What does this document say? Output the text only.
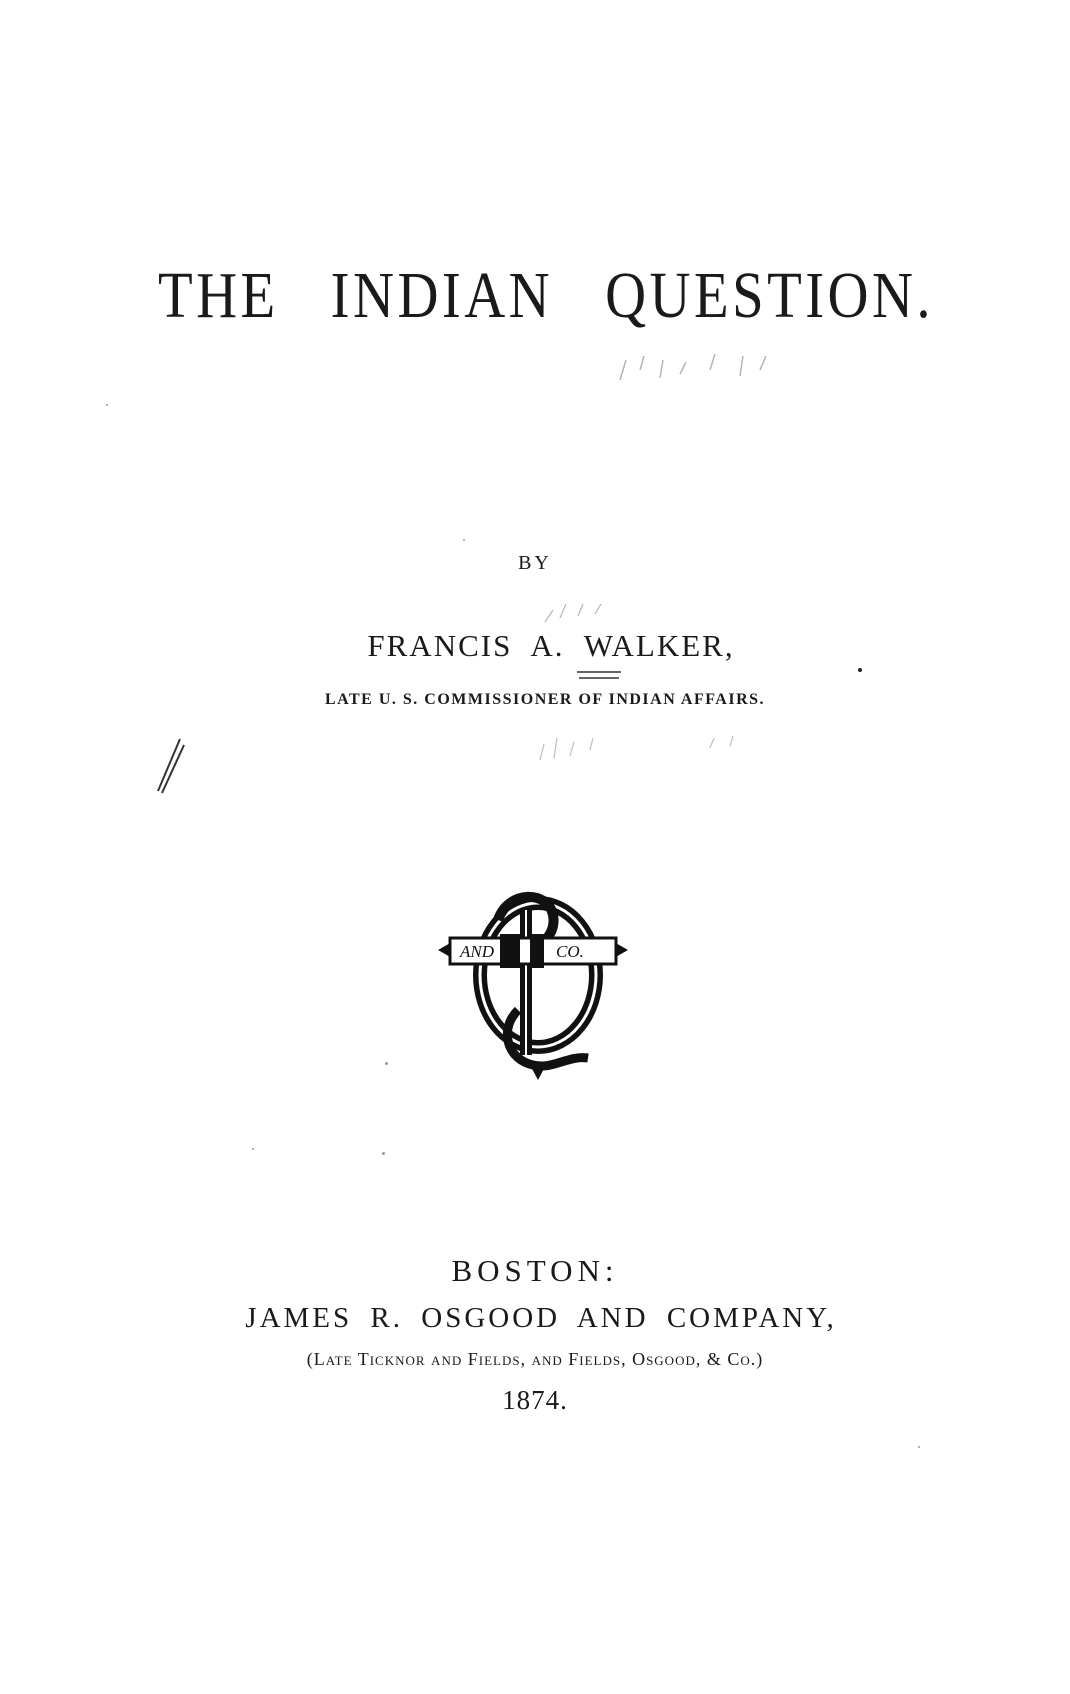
THE INDIAN QUESTION.
BY
FRANCIS A. WALKER,
LATE U. S. COMMISSIONER OF INDIAN AFFAIRS.
AND	CO.
BOSTON:
JAMES R. OSGOOD AND COMPANY,
(Late Ticknor and Fields, and Fields, Osgood, & Co.)
1874.
